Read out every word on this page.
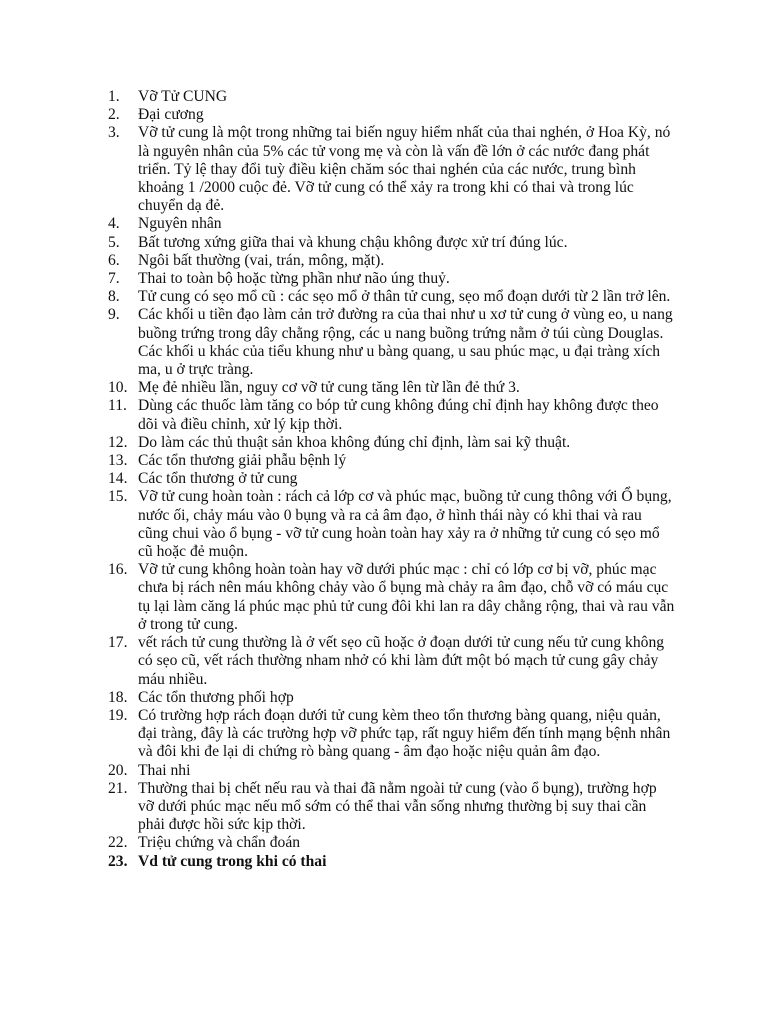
1.	Vỡ Tử CUNG
2.	Đại cương
3.	Vỡ tử cung là một trong những tai biến nguy hiểm nhất của thai nghén, ở Hoa Kỳ, nó là nguyên nhân của 5% các tử vong mẹ và còn là vấn đề lớn ở các nước đang phát triển. Tỷ lệ thay đổi tuỳ điều kiện chăm sóc thai nghén của các nước, trung bình khoảng 1 /2000 cuộc đẻ. Vỡ tử cung có thể xảy ra trong khi có thai và trong lúc chuyển dạ đẻ.
4.	Nguyên nhân
5.	Bất tương xứng giữa thai và khung chậu không được xử trí đúng lúc.
6.	Ngôi bất thường (vai, trán, mông, mặt).
7.	Thai to toàn bộ hoặc từng phần như não úng thuỷ.
8.	Tử cung có sẹo mổ cũ : các sẹo mổ ở thân tử cung, sẹo mổ đoạn dưới từ 2 lần trở lên.
9.	Các khối u tiền đạo làm cản trở đường ra của thai như u xơ tử cung ở vùng eo, u nang buồng trứng trong dây chằng rộng, các u nang buồng trứng nằm ở túi cùng Douglas. Các khối u khác của tiểu khung như u bàng quang, u sau phúc mạc, u đại tràng xích ma, u ở trực tràng.
10. Mẹ đẻ nhiều lần, nguy cơ vỡ tử cung tăng lên từ lần đẻ thứ 3.
11. Dùng các thuốc làm tăng co bóp tử cung không đúng chỉ định hay không được theo dõi và điều chỉnh, xử lý kịp thời.
12. Do làm các thủ thuật sản khoa không đúng chỉ định, làm sai kỹ thuật.
13. Các tổn thương giải phẫu bệnh lý
14. Các tổn thương ở tử cung
15. Vỡ tử cung hoàn toàn : rách cả lớp cơ và phúc mạc, buồng tử cung thông với Ổ bụng, nước ối, chảy máu vào 0 bụng và ra cả âm đạo, ở hình thái này có khi thai và rau cũng chui vào ổ bụng - vỡ tử cung hoàn toàn hay xảy ra ở những tử cung có sẹo mổ cũ hoặc đẻ muộn.
16. Vỡ tử cung không hoàn toàn hay vỡ dưới phúc mạc : chỉ có lớp cơ bị vỡ, phúc mạc chưa bị rách nên máu không chảy vào ổ bụng mà chảy ra âm đạo, chỗ vỡ có máu cục tụ lại làm căng lá phúc mạc phủ tử cung đôi khi lan ra dây chằng rộng, thai và rau vẫn ở trong tử cung.
17. vết rách tử cung thường là ở vết sẹo cũ hoặc ở đoạn dưới tử cung nếu tử cung không có sẹo cũ, vết rách thường nham nhở có khi làm đứt một bó mạch tử cung gây chảy máu nhiều.
18. Các tổn thương phối hợp
19. Có trường hợp rách đoạn dưới tử cung kèm theo tổn thương bàng quang, niệu quản, đại tràng, đây là các trường hợp vỡ phức tạp, rất nguy hiểm đến tính mạng bệnh nhân và đôi khi đe lại di chứng rò bàng quang - âm đạo hoặc niệu quản âm đạo.
20. Thai nhi
21. Thường thai bị chết nếu rau và thai đã nằm ngoài tử cung (vào ổ bụng), trường hợp vỡ dưới phúc mạc nếu mổ sớm có thể thai vẫn sống nhưng thường bị suy thai cần phải được hồi sức kịp thời.
22. Triệu chứng và chẩn đoán
23. Vd tử cung trong khi có thai
